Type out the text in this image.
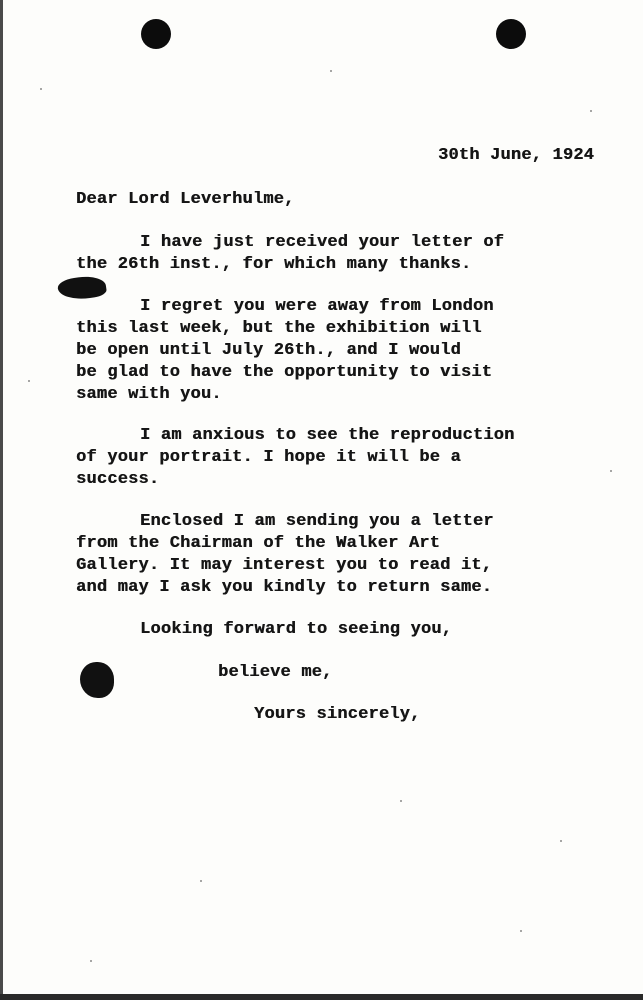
30th June, 1924
Dear Lord Leverhulme,
I have just received your letter of
the 26th inst., for which many thanks.
I regret you were away from London
this last week, but the exhibition will
be open until July 26th., and I would
be glad to have the opportunity to visit
same with you.
I am anxious to see the reproduction
of your portrait. I hope it will be a
success.
Enclosed I am sending you a letter
from the Chairman of the Walker Art
Gallery. It may interest you to read it,
and may I ask you kindly to return same.
Looking forward to seeing you,
believe me,
Yours sincerely,
